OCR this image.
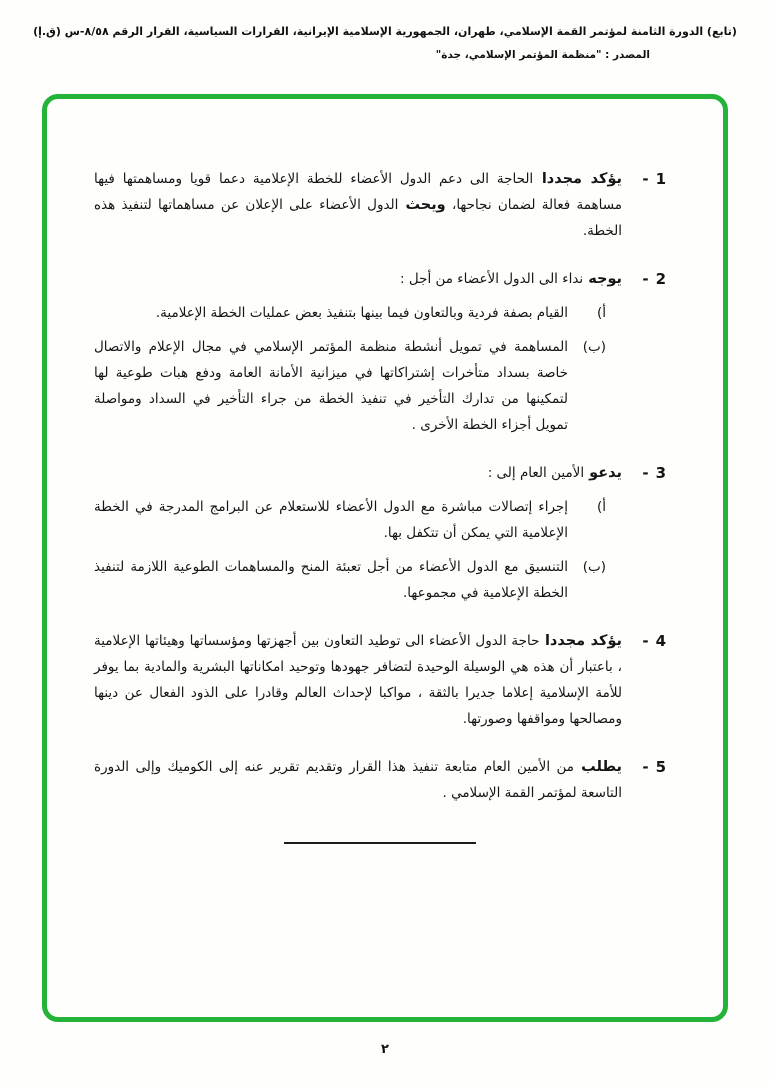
(تابع) الدورة الثامنة لمؤتمر القمة الإسلامي، طهران، الجمهورية الإسلامية الإيرانية، القرارات السياسية، القرار الرقم ٨/٥٨-س (ق.إ)
المصدر : "منظمة المؤتمر الإسلامي، جدة"
1
-

يؤكد مجددا الحاجة الى دعم الدول الأعضاء للخطة الإعلامية دعما قويا ومساهمتها فيها مساهمة فعالة لضمان نجاحها، ويحث الدول الأعضاء على الإعلان عن مساهماتها لتنفيذ هذه الخطة.

2
-

يوجه نداء الى الدول الأعضاء من أجل :

أ)
القيام بصفة فردية وبالتعاون فيما بينها بتنفيذ بعض عمليات الخطة الإعلامية.
(ب)
المساهمة في تمويل أنشطة منظمة المؤتمر الإسلامي في مجال الإعلام والاتصال خاصة بسداد متأخرات إشتراكاتها في ميزانية الأمانة العامة ودفع هبات طوعية لها لتمكينها من تدارك التأخير في تنفيذ الخطة من جراء التأخير في السداد ومواصلة تمويل أجزاء الخطة الأخرى .
3
-

يدعو الأمين العام إلى :

أ)
إجراء إتصالات مباشرة مع الدول الأعضاء للاستعلام عن البرامج المدرجة في الخطة الإعلامية التي يمكن أن تتكفل بها.
(ب)
التنسيق مع الدول الأعضاء من أجل تعبئة المنح والمساهمات الطوعية اللازمة لتنفيذ الخطة الإعلامية في مجموعها.
4
-

يؤكد مجددا حاجة الدول الأعضاء الى توطيد التعاون بين أجهزتها ومؤسساتها وهيئاتها الإعلامية ، باعتبار أن هذه هي الوسيلة الوحيدة لتضافر جهودها وتوحيد امكاناتها البشرية والمادية بما يوفر للأمة الإسلامية إعلاما جديرا بالثقة ، مواكبا لإحداث العالم وقادرا على الذود الفعال عن دينها ومصالحها ومواقفها وصورتها.

5
-

يطلب من الأمين العام متابعة تنفيذ هذا القرار وتقديم تقرير عنه إلى الكوميك وإلى الدورة التاسعة لمؤتمر القمة الإسلامي .

٢
